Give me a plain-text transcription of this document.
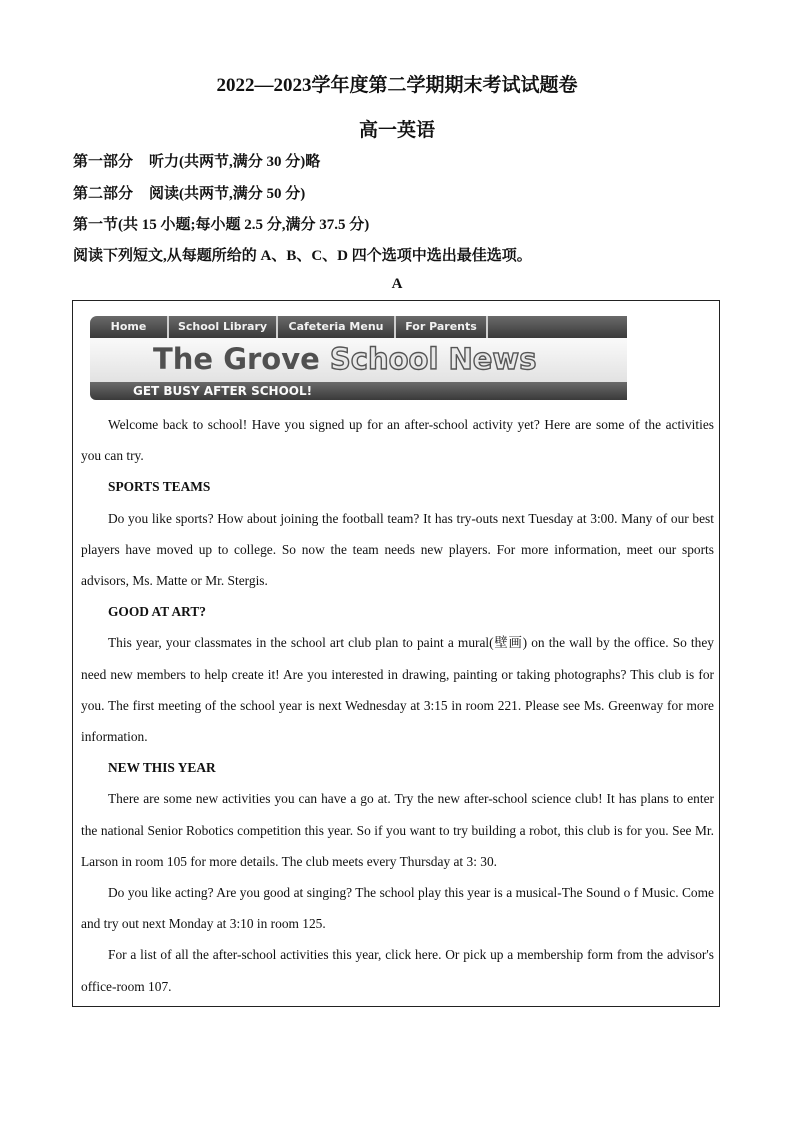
2022—2023学年度第二学期期末考试试题卷
高一英语
第一部分 听力(共两节,满分 30 分)略
第二部分 阅读(共两节,满分 50 分)
第一节(共 15 小题;每小题 2.5 分,满分 37.5 分)
阅读下列短文,从每题所给的 A、B、C、D 四个选项中选出最佳选项。
A
Home	School Library	Cafeteria Menu	For Parents
The Grove School News
GET BUSY AFTER SCHOOL!

Welcome back to school! Have you signed up for an after-school activity yet? Here are some of the activities you can try.

SPORTS TEAMS

Do you like sports? How about joining the football team? It has try-outs next Tuesday at 3:00. Many of our best players have moved up to college. So now the team needs new players. For more information, meet our sports advisors, Ms. Matte or Mr. Stergis.

GOOD AT ART?

This year, your classmates in the school art club plan to paint a mural(壁画) on the wall by the office. So they need new members to help create it! Are you interested in drawing, painting or taking photographs? This club is for you. The first meeting of the school year is next Wednesday at 3:15 in room 221. Please see Ms. Greenway for more information.

NEW THIS YEAR

There are some new activities you can have a go at. Try the new after-school science club! It has plans to enter the national Senior Robotics competition this year. So if you want to try building a robot, this club is for you. See Mr. Larson in room 105 for more details. The club meets every Thursday at 3: 30.

Do you like acting? Are you good at singing? The school play this year is a musical-The Sound o f Music. Come and try out next Monday at 3:10 in room 125.

For a list of all the after-school activities this year, click here. Or pick up a membership form from the advisor's office-room 107.
